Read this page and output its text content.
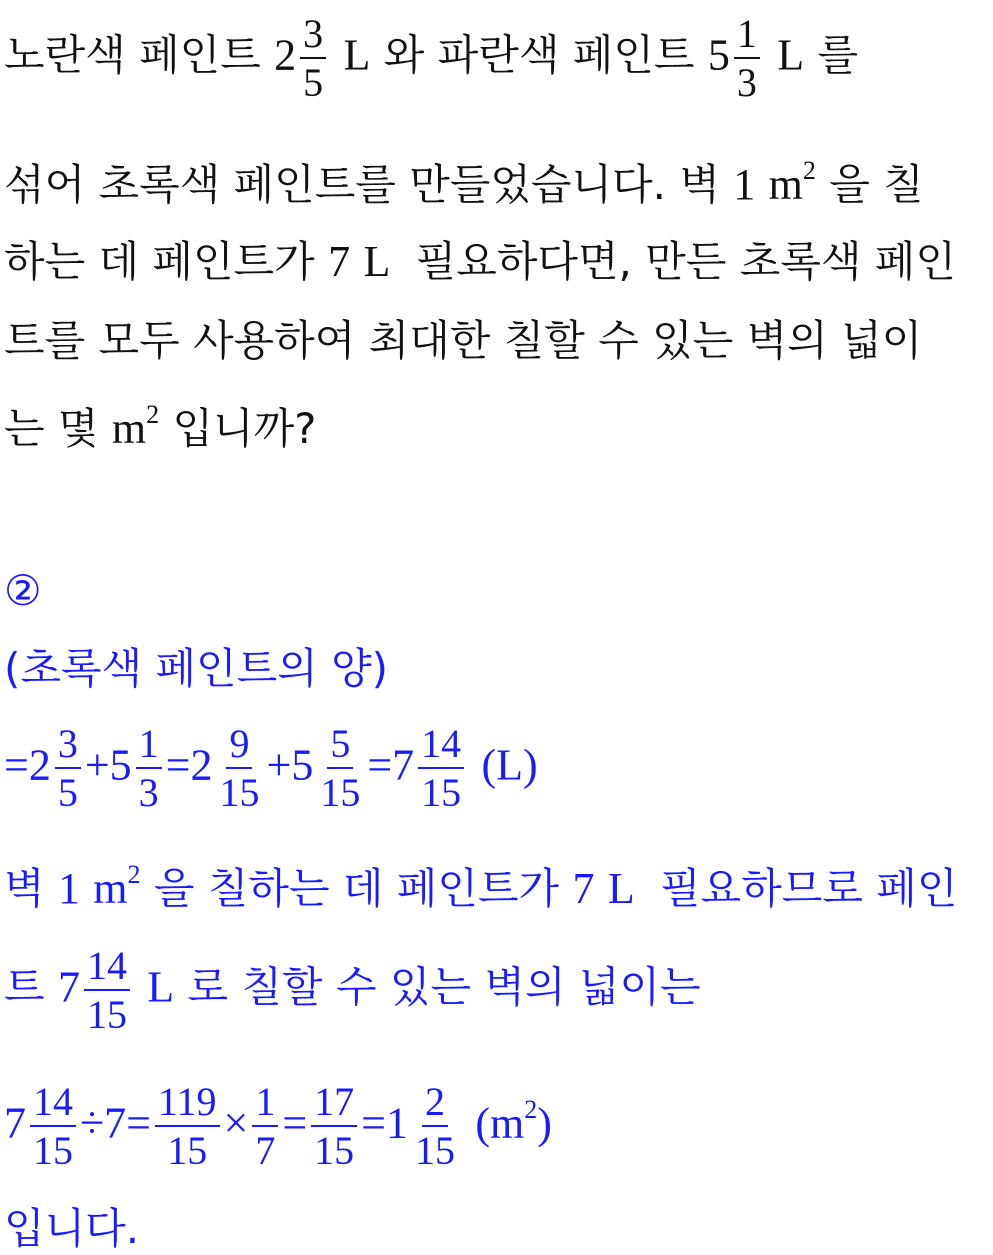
노란색 페인트 $2 \frac{3}{5}$ L 와 파란색 페인트 $5 \frac{1}{3}$ L 를
섞어 초록색 페인트를 만들었습니다. 벽 1 $m^2$ 을 칠
하는 데 페인트가 7 L 필요하다면, 만든 초록색 페인
트를 모두 사용하여 최대한 칠할 수 있는 벽의 넓이
는 몇 $m^2$ 입니까?
②
(초록색 페인트의 양)
$=2 \frac{3}{5} +5 \frac{1}{3} =2 \frac{9}{15} +5 \frac{5}{15} =7 \frac{14}{15} (L)$
벽 1 $m^2$ 을 칠하는 데 페인트가 7 L 필요하므로 페인
트 $7 \frac{14}{15}$ L 로 칠할 수 있는 벽의 넓이는
$7 \frac{14}{15} \div 7= \frac{119}{15} \times \frac{1}{7} = \frac{17}{15} =1 \frac{2}{15} (m^2)$
입니다.
